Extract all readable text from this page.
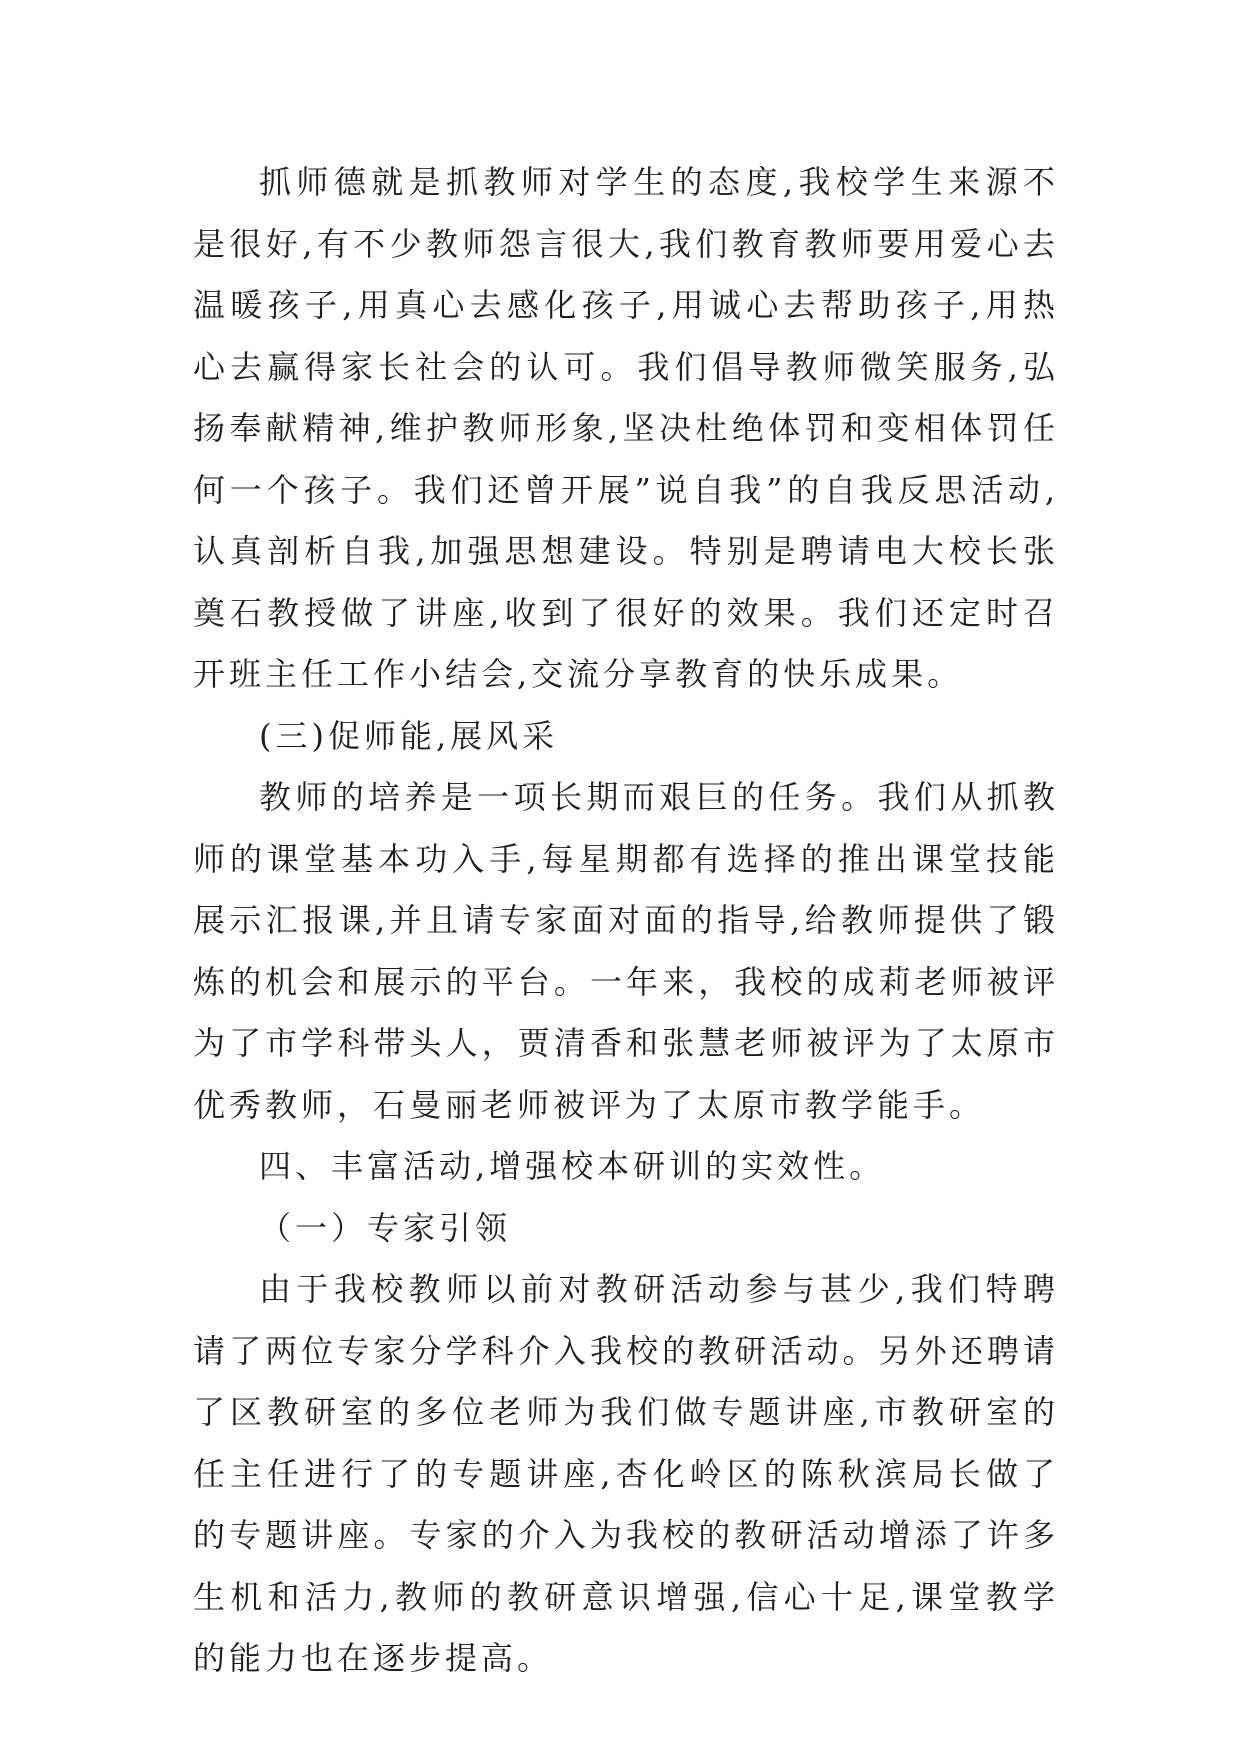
抓师德就是抓教师对学生的态度,我校学生来源不是很好,有不少教师怨言很大,我们教育教师要用爱心去温暖孩子,用真心去感化孩子,用诚心去帮助孩子,用热心去赢得家长社会的认可。我们倡导教师微笑服务,弘扬奉献精神,维护教师形象,坚决杜绝体罚和变相体罚任何一个孩子。我们还曾开展”说自我”的自我反思活动,认真剖析自我,加强思想建设。特别是聘请电大校长张奠石教授做了讲座,收到了很好的效果。我们还定时召开班主任工作小结会,交流分享教育的快乐成果。

(三)促师能,展风采

教师的培养是一项长期而艰巨的任务。我们从抓教师的课堂基本功入手,每星期都有选择的推出课堂技能展示汇报课,并且请专家面对面的指导,给教师提供了锻炼的机会和展示的平台。一年来，我校的成莉老师被评为了市学科带头人，贾清香和张慧老师被评为了太原市优秀教师，石曼丽老师被评为了太原市教学能手。

四、丰富活动,增强校本研训的实效性。

（一）专家引领

由于我校教师以前对教研活动参与甚少,我们特聘请了两位专家分学科介入我校的教研活动。另外还聘请了区教研室的多位老师为我们做专题讲座,市教研室的任主任进行了的专题讲座,杏化岭区的陈秋滨局长做了的专题讲座。专家的介入为我校的教研活动增添了许多生机和活力,教师的教研意识增强,信心十足,课堂教学的能力也在逐步提高。
